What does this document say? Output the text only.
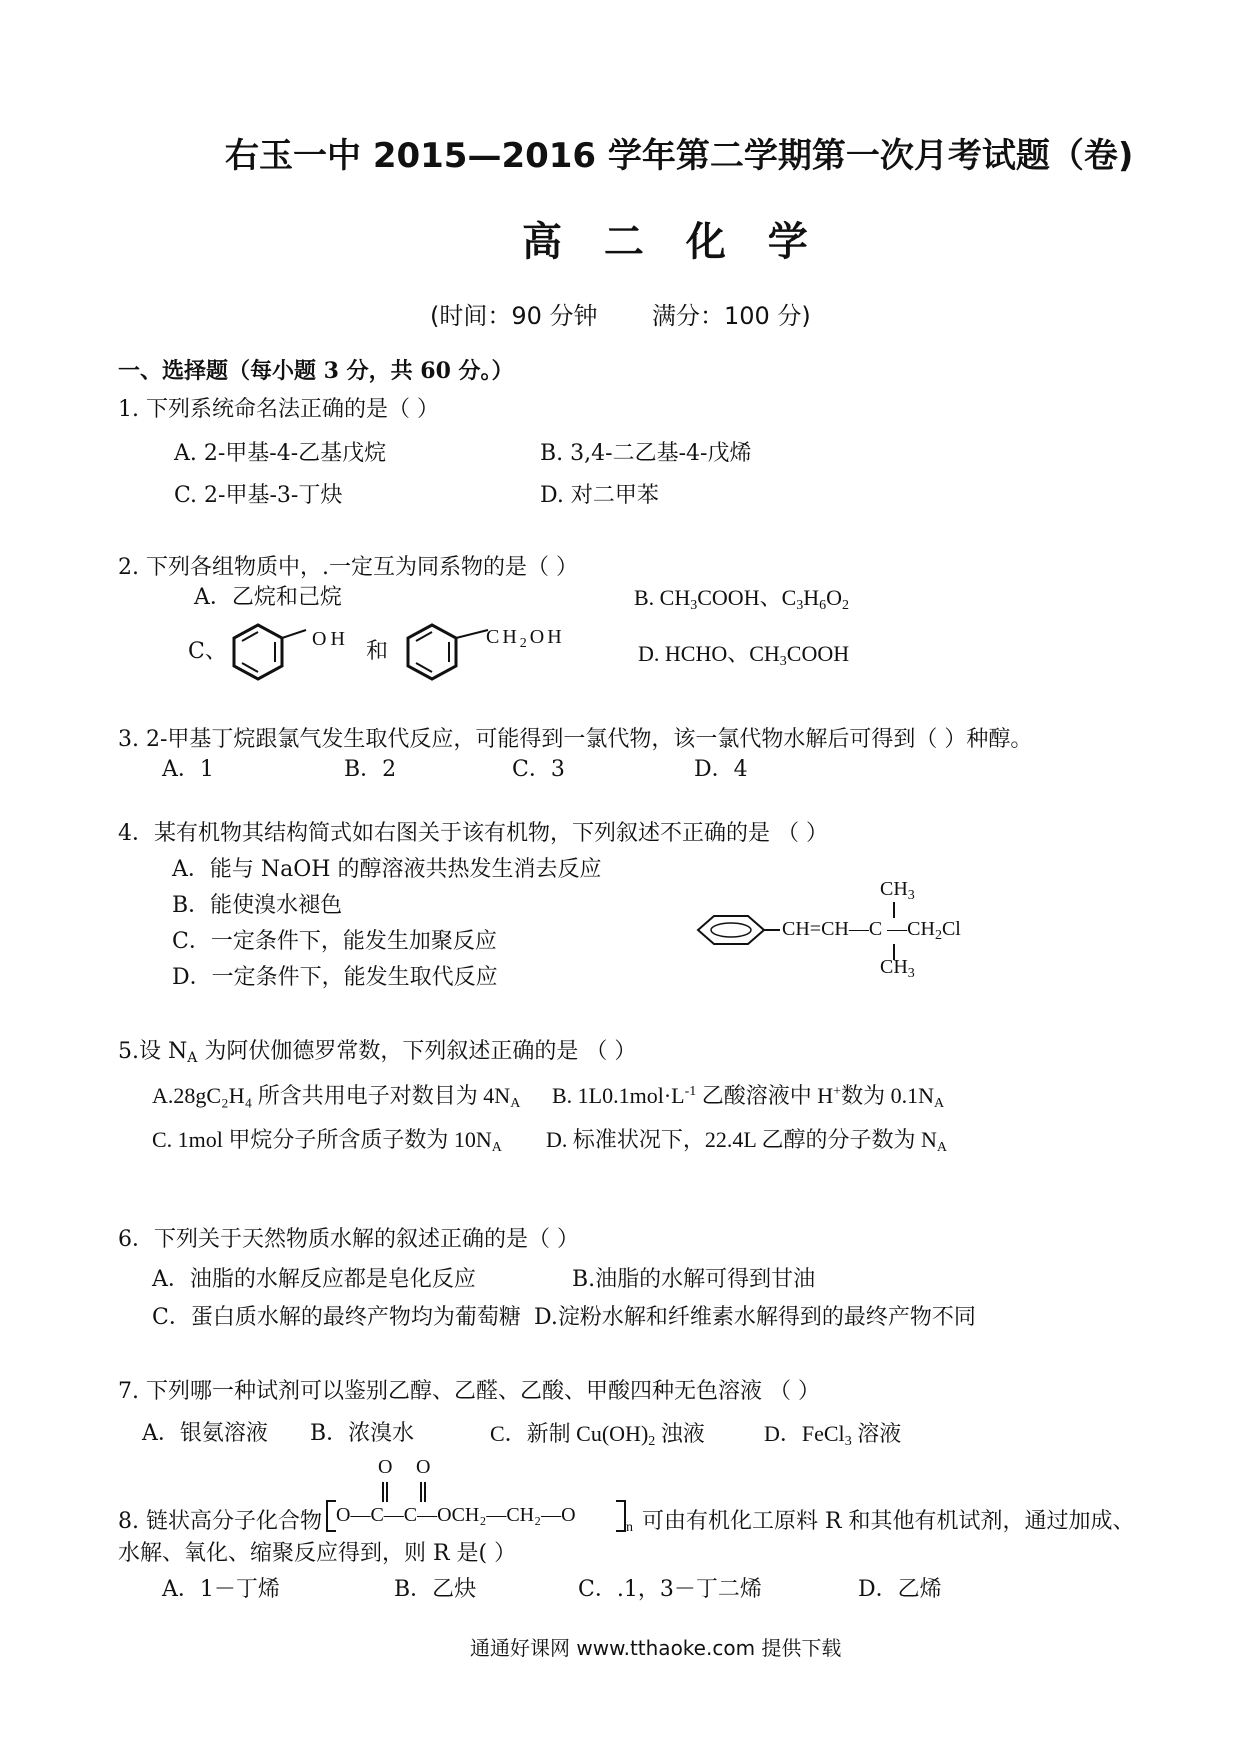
右玉一中 2015—2016 学年第二学期第一次月考试题（卷)
高 二 化 学
(时间：90 分钟 满分：100 分)
一、选择题（每小题 3 分，共 60 分。）
1. 下列系统命名法正确的是（ ）
A. 2-甲基-4-乙基戊烷	B. 3,4-二乙基-4-戊烯
C. 2-甲基-3-丁炔	D. 对二甲苯
2. 下列各组物质中，.一定互为同系物的是（ ）
A．乙烷和己烷	B. $CH_3COOH$、$C_3H_6O_2$
C、	OH 和
$CH_2OH$
D. HCHO、$CH_3COOH$
3. 2-甲基丁烷跟氯气发生取代反应，可能得到一氯代物，该一氯代物水解后可得到（ ）种醇。
A．1	B．2	C．3	D．4
4．某有机物其结构简式如右图关于该有机物，下列叙述不正确的是 （ ）
A．能与 NaOH 的醇溶液共热发生消去反应
B．能使溴水褪色
C．一定条件下，能发生加聚反应
D．一定条件下，能发生取代反应
CH=CH—C $—CH_2Cl$
$CH_3$
$CH_3$
5.设 $N_A$ 为阿伏伽德罗常数，下列叙述正确的是 （ ）
A.28gC₂H₄ 所含共用电子对数目为 $4N_A$ B. $1L0.1mol\cdot L^{-1}$ 乙酸溶液中 H+数为 $0.1N_A$
C. 1mol 甲烷分子所含质子数为 $10N_A$ D. 标准状况下，22.4L 乙醇的分子数为 $N_A$
6．下列关于天然物质水解的叙述正确的是（ ）
A．油脂的水解反应都是皂化反应	B.油脂的水解可得到甘油
C．蛋白质水解的最终产物均为葡萄糖 D.淀粉水解和纤维素水解得到的最终产物不同
7. 下列哪一种试剂可以鉴别乙醇、乙醛、乙酸、甲酸四种无色溶液 （ ）
A．银氨溶液 B．浓溴水	C．新制 $Cu(OH)_2$ 浊液	D．FeCl$_3$ 溶液
O O
8. 链状高分子化合物 O—C—C—OCH₂—CH₂—O
n 可由有机化工原料 R 和其他有机试剂，通过加成、
水解、氧化、缩聚反应得到，则 R 是( ）
A．1－丁烯	B．乙炔	C．.1，3－丁二烯	D．乙烯
通通好课网 www.tthaoke.com 提供下载
